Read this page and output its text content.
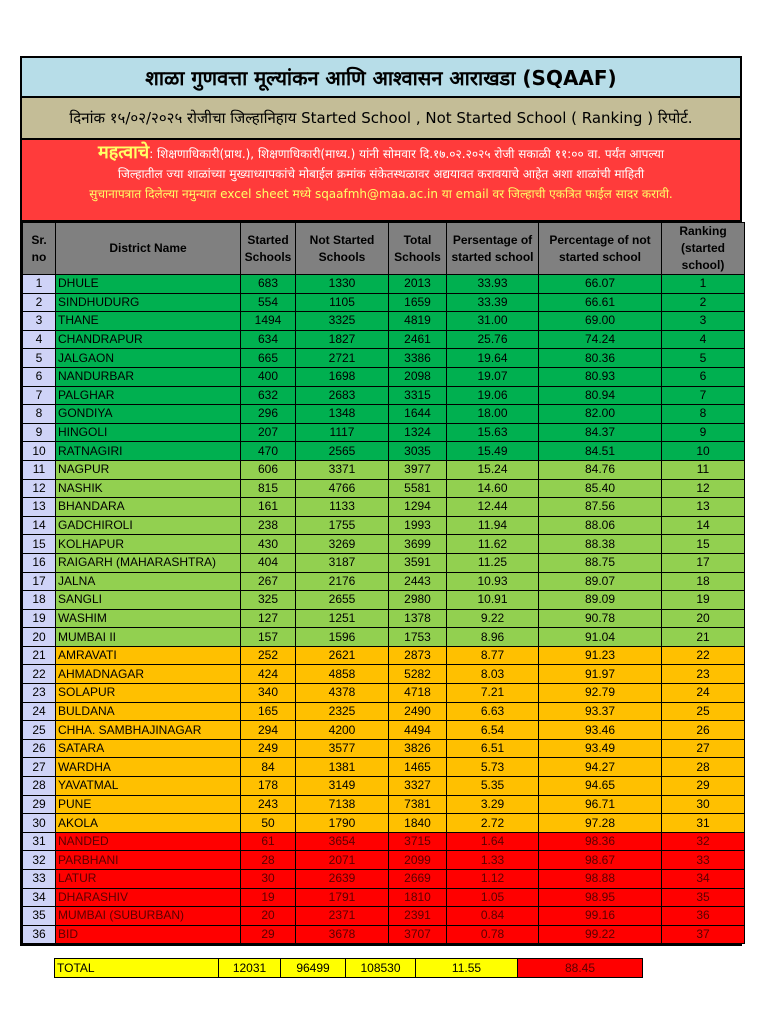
शाळा गुणवत्ता मूल्यांकन आणि आश्वासन आराखडा (SQAAF)
दिनांक १५/०२/२०२५ रोजीचा जिल्हानिहाय Started School , Not Started School ( Ranking ) रिपोर्ट.
महत्वाचे: शिक्षणाधिकारी(प्राथ.), शिक्षणाधिकारी(माध्य.) यांनी सोमवार दि.१७.०२.२०२५ रोजी सकाळी ११:०० वा. पर्यंत आपल्या
जिल्हातील ज्या शाळांच्या मुख्याध्यापकांचे मोबाईल क्रमांक संकेतस्थळावर अद्ययावत करावयाचे आहेत अशा शाळांची माहिती
सुचानापत्रात दिलेल्या नमुन्यात excel sheet मध्ये sqaafmh@maa.ac.in या email वर जिल्हाची एकत्रित फाईल सादर करावी.
Sr. no	District Name	Started Schools	Not Started Schools	Total Schools	Persentage of started school	Percentage of not started school	Ranking (started school)
1	DHULE	683	1330	2013	33.93	66.07	1
2	SINDHUDURG	554	1105	1659	33.39	66.61	2
3	THANE	1494	3325	4819	31.00	69.00	3
4	CHANDRAPUR	634	1827	2461	25.76	74.24	4
5	JALGAON	665	2721	3386	19.64	80.36	5
6	NANDURBAR	400	1698	2098	19.07	80.93	6
7	PALGHAR	632	2683	3315	19.06	80.94	7
8	GONDIYA	296	1348	1644	18.00	82.00	8
9	HINGOLI	207	1117	1324	15.63	84.37	9
10	RATNAGIRI	470	2565	3035	15.49	84.51	10
11	NAGPUR	606	3371	3977	15.24	84.76	11
12	NASHIK	815	4766	5581	14.60	85.40	12
13	BHANDARA	161	1133	1294	12.44	87.56	13
14	GADCHIROLI	238	1755	1993	11.94	88.06	14
15	KOLHAPUR	430	3269	3699	11.62	88.38	15
16	RAIGARH (MAHARASHTRA)	404	3187	3591	11.25	88.75	17
17	JALNA	267	2176	2443	10.93	89.07	18
18	SANGLI	325	2655	2980	10.91	89.09	19
19	WASHIM	127	1251	1378	9.22	90.78	20
20	MUMBAI II	157	1596	1753	8.96	91.04	21
21	AMRAVATI	252	2621	2873	8.77	91.23	22
22	AHMADNAGAR	424	4858	5282	8.03	91.97	23
23	SOLAPUR	340	4378	4718	7.21	92.79	24
24	BULDANA	165	2325	2490	6.63	93.37	25
25	CHHA. SAMBHAJINAGAR	294	4200	4494	6.54	93.46	26
26	SATARA	249	3577	3826	6.51	93.49	27
27	WARDHA	84	1381	1465	5.73	94.27	28
28	YAVATMAL	178	3149	3327	5.35	94.65	29
29	PUNE	243	7138	7381	3.29	96.71	30
30	AKOLA	50	1790	1840	2.72	97.28	31
31	NANDED	61	3654	3715	1.64	98.36	32
32	PARBHANI	28	2071	2099	1.33	98.67	33
33	LATUR	30	2639	2669	1.12	98.88	34
34	DHARASHIV	19	1791	1810	1.05	98.95	35
35	MUMBAI (SUBURBAN)	20	2371	2391	0.84	99.16	36
36	BID	29	3678	3707	0.78	99.22	37
TOTAL	12031	96499	108530	11.55	88.45
